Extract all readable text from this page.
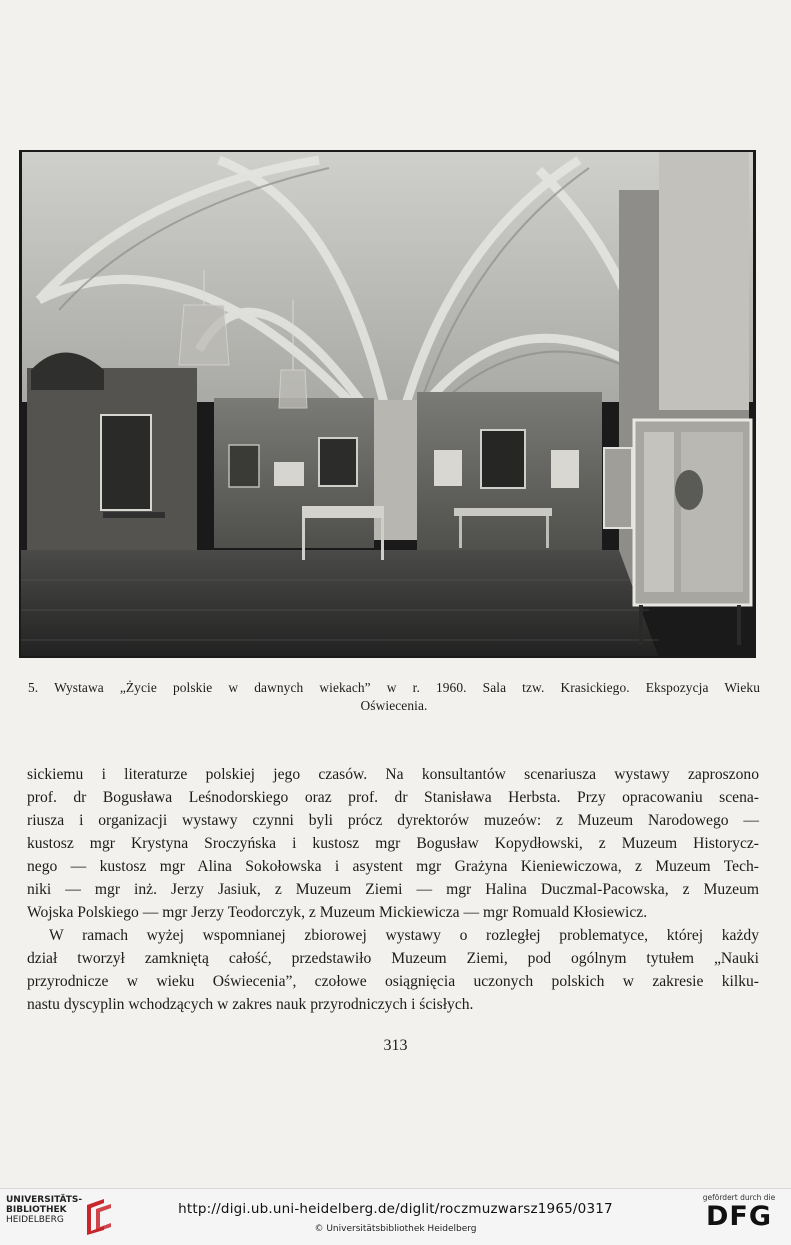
5. Wystawa „Życie polskie w dawnych wiekach” w r. 1960. Sala tzw. Krasickiego. Ekspozycja Wieku
Oświecenia.
sickiemu i literaturze polskiej jego czasów. Na konsultantów scenariusza wystawy zaproszono
prof. dr Bogusława Leśnodorskiego oraz prof. dr Stanisława Herbsta. Przy opracowaniu scena-
riusza i organizacji wystawy czynni byli prócz dyrektorów muzeów: z Muzeum Narodowego —
kustosz mgr Krystyna Sroczyńska i kustosz mgr Bogusław Kopydłowski, z Muzeum Historycz-
nego — kustosz mgr Alina Sokołowska i asystent mgr Grażyna Kieniewiczowa, z Muzeum Tech-
niki — mgr inż. Jerzy Jasiuk, z Muzeum Ziemi — mgr Halina Duczmal-Pacowska, z Muzeum
Wojska Polskiego — mgr Jerzy Teodorczyk, z Muzeum Mickiewicza — mgr Romuald Kłosiewicz.
W ramach wyżej wspomnianej zbiorowej wystawy o rozległej problematyce, której każdy
dział tworzył zamkniętą całość, przedstawiło Muzeum Ziemi, pod ogólnym tytułem „Nauki
przyrodnicze w wieku Oświecenia”, czołowe osiągnięcia uczonych polskich w zakresie kilku-
nastu dyscyplin wchodzących w zakres nauk przyrodniczych i ścisłych.
313
UNIVERSITÄTS-
BIBLIOTHEK
HEIDELBERG
http://digi.ub.uni-heidelberg.de/diglit/roczmuzwarsz1965/0317
© Universitätsbibliothek Heidelberg
gefördert durch die
DFG
